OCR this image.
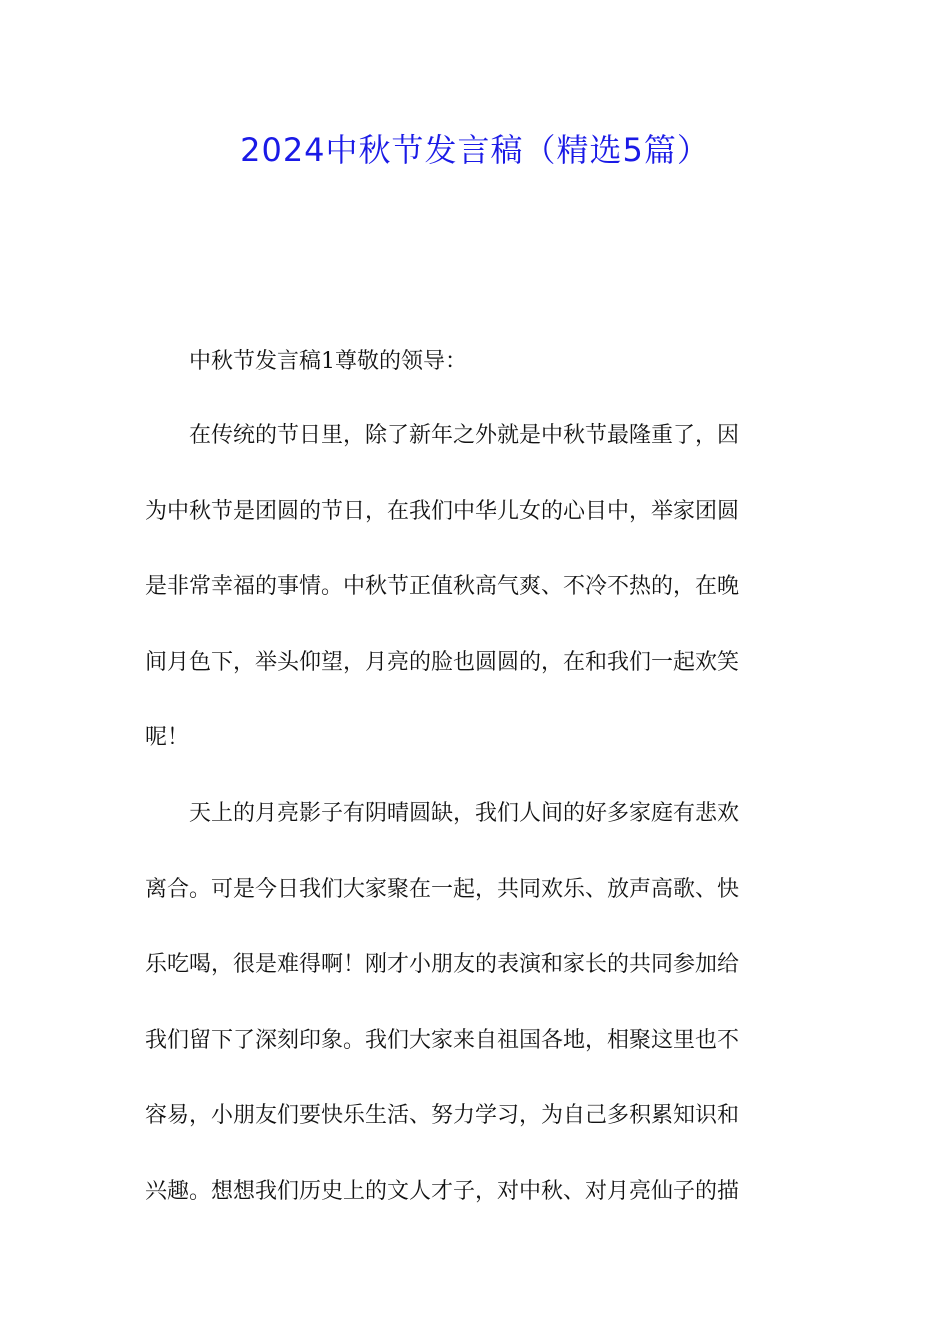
2024中秋节发言稿（精选5篇）

中秋节发言稿1尊敬的领导：

在传统的节日里，除了新年之外就是中秋节最隆重了，因
为中秋节是团圆的节日，在我们中华儿女的心目中，举家团圆
是非常幸福的事情。中秋节正值秋高气爽、不冷不热的，在晚
间月色下，举头仰望，月亮的脸也圆圆的，在和我们一起欢笑
呢！
天上的月亮影子有阴晴圆缺，我们人间的好多家庭有悲欢
离合。可是今日我们大家聚在一起，共同欢乐、放声高歌、快
乐吃喝，很是难得啊！刚才小朋友的表演和家长的共同参加给
我们留下了深刻印象。我们大家来自祖国各地，相聚这里也不
容易，小朋友们要快乐生活、努力学习，为自己多积累知识和
兴趣。想想我们历史上的文人才子，对中秋、对月亮仙子的描
